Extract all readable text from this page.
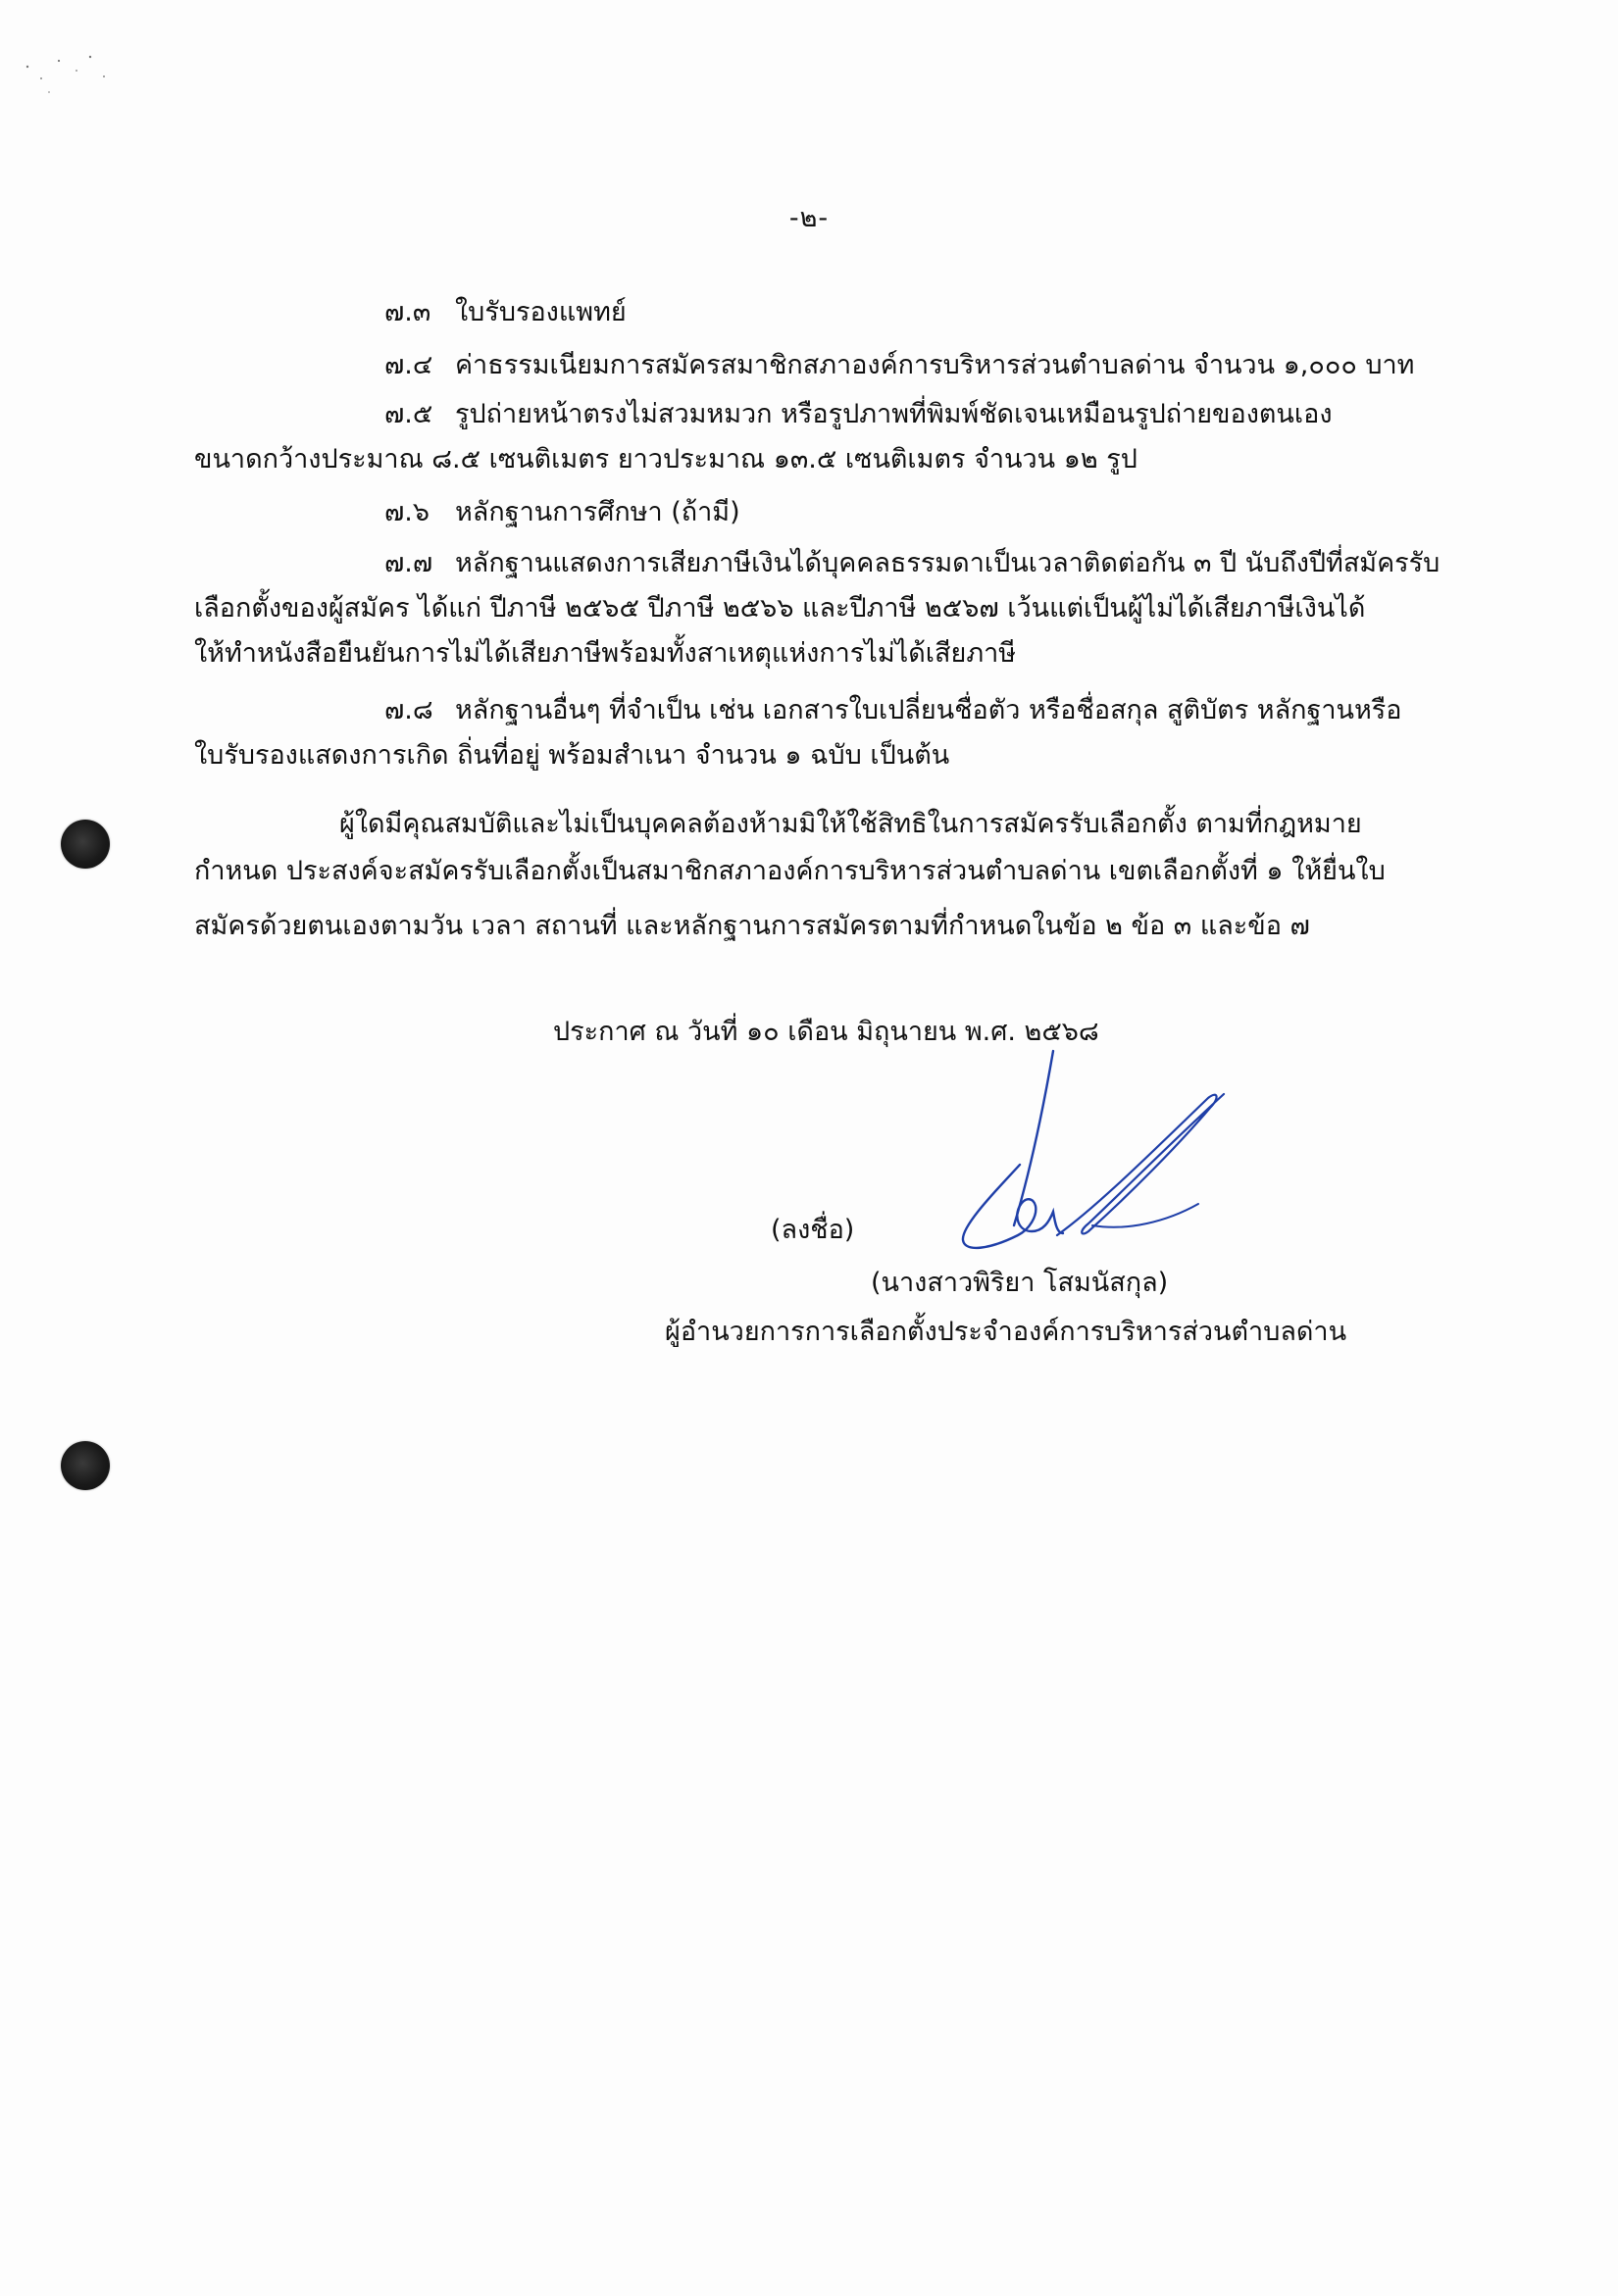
-๒-
๗.๓ ใบรับรองแพทย์
๗.๔ ค่าธรรมเนียมการสมัครสมาชิกสภาองค์การบริหารส่วนตำบลด่าน จำนวน ๑,๐๐๐ บาท
๗.๕ รูปถ่ายหน้าตรงไม่สวมหมวก หรือรูปภาพที่พิมพ์ชัดเจนเหมือนรูปถ่ายของตนเอง
ขนาดกว้างประมาณ ๘.๕ เซนติเมตร ยาวประมาณ ๑๓.๕ เซนติเมตร จำนวน ๑๒ รูป
๗.๖ หลักฐานการศึกษา (ถ้ามี)
๗.๗ หลักฐานแสดงการเสียภาษีเงินได้บุคคลธรรมดาเป็นเวลาติดต่อกัน ๓ ปี นับถึงปีที่สมัครรับ
เลือกตั้งของผู้สมัคร ได้แก่ ปีภาษี ๒๕๖๕ ปีภาษี ๒๕๖๖ และปีภาษี ๒๕๖๗ เว้นแต่เป็นผู้ไม่ได้เสียภาษีเงินได้
ให้ทำหนังสือยืนยันการไม่ได้เสียภาษีพร้อมทั้งสาเหตุแห่งการไม่ได้เสียภาษี
๗.๘ หลักฐานอื่นๆ ที่จำเป็น เช่น เอกสารใบเปลี่ยนชื่อตัว หรือชื่อสกุล สูติบัตร หลักฐานหรือ
ใบรับรองแสดงการเกิด ถิ่นที่อยู่ พร้อมสำเนา จำนวน ๑ ฉบับ เป็นต้น
ผู้ใดมีคุณสมบัติและไม่เป็นบุคคลต้องห้ามมิให้ใช้สิทธิในการสมัครรับเลือกตั้ง ตามที่กฎหมาย
กำหนด ประสงค์จะสมัครรับเลือกตั้งเป็นสมาชิกสภาองค์การบริหารส่วนตำบลด่าน เขตเลือกตั้งที่ ๑ ให้ยื่นใบ
สมัครด้วยตนเองตามวัน เวลา สถานที่ และหลักฐานการสมัครตามที่กำหนดในข้อ ๒ ข้อ ๓ และข้อ ๗
ประกาศ ณ วันที่ ๑๐ เดือน มิถุนายน พ.ศ. ๒๕๖๘
(ลงชื่อ)
(นางสาวพิริยา โสมนัสกุล)
ผู้อำนวยการการเลือกตั้งประจำองค์การบริหารส่วนตำบลด่าน
